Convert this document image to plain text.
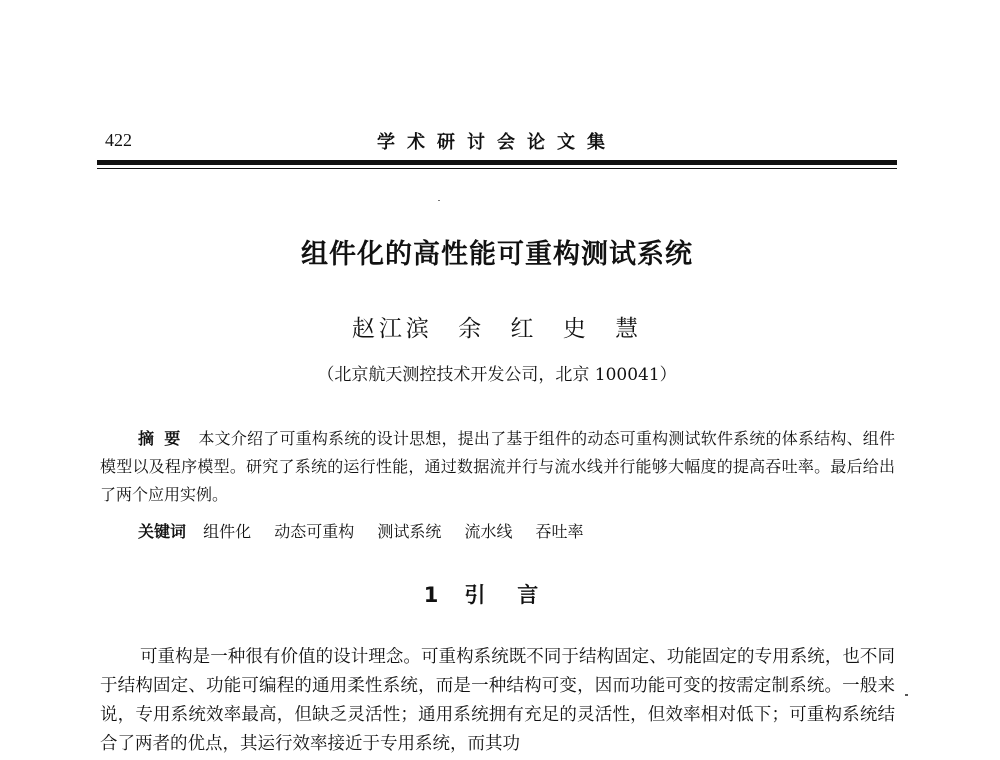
422	学术研讨会论文集
组件化的高性能可重构测试系统
赵江滨 余 红 史 慧
（北京航天测控技术开发公司，北京 100041）

摘要 本文介绍了可重构系统的设计思想，提出了基于组件的动态可重构测试软件系统的体系结构、组件模型以及程序模型。研究了系统的运行性能，通过数据流并行与流水线并行能够大幅度的提高吞吐率。最后给出了两个应用实例。

关键词 组件化 动态可重构 测试系统 流水线 吞吐率
1 引言

可重构是一种很有价值的设计理念。可重构系统既不同于结构固定、功能固定的专用系统，也不同于结构固定、功能可编程的通用柔性系统，而是一种结构可变，因而功能可变的按需定制系统。一般来说，专用系统效率最高，但缺乏灵活性；通用系统拥有充足的灵活性，但效率相对低下；可重构系统结合了两者的优点，其运行效率接近于专用系统，而其功
